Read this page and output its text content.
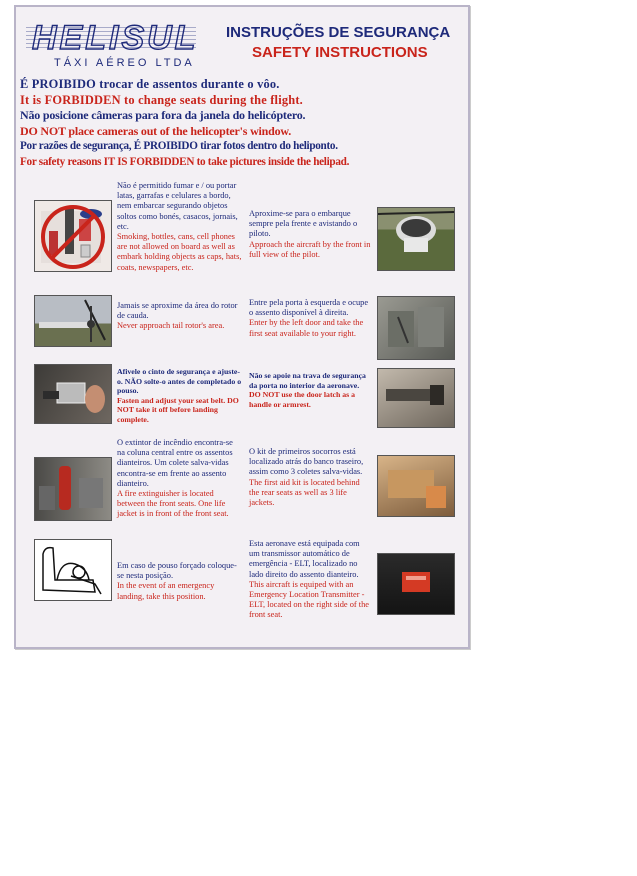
HELISUL
TÁXI AÉREO LTDA
INSTRUÇÕES DE SEGURANÇA
SAFETY INSTRUCTIONS
É PROIBIDO trocar de assentos durante o vôo.
It is FORBIDDEN to change seats during the flight.
Não posicione câmeras para fora da janela do helicóptero.
DO NOT place cameras out of the helicopter's window.
Por razões de segurança, É PROIBIDO tirar fotos dentro do heliponto.
For safety reasons IT IS FORBIDDEN to take pictures inside the helipad.
Não é permitido fumar e / ou portar latas, garrafas e celulares a bordo, nem embarcar segurando objetos soltos como bonés, casacos, jornais, etc.
Smoking, bottles, cans, cell phones are not allowed on board as well as embark holding objects as caps, hats, coats, newspapers, etc.
Aproxime-se para o embarque sempre pela frente e avistando o piloto.
Approach the aircraft by the front in full view of the pilot.
Jamais se aproxime da área do rotor de cauda.
Never approach tail rotor's area.
Entre pela porta à esquerda e ocupe o assento disponível à direita.
Enter by the left door and take the first seat available to your right.
Afivele o cinto de segurança e ajuste-o. NÃO solte-o antes de completado o pouso.
Fasten and adjust your seat belt. DO NOT take it off before landing complete.
Não se apoie na trava de segurança da porta no interior da aeronave.
DO NOT use the door latch as a handle or armrest.
O extintor de incêndio encontra-se na coluna central entre os assentos dianteiros. Um colete salva-vidas encontra-se em frente ao assento dianteiro.
A fire extinguisher is located between the front seats. One life jacket is in front of the front seat.
O kit de primeiros socorros está localizado atrás do banco traseiro, assim como 3 coletes salva-vidas.
The first aid kit is located behind the rear seats as well as 3 life jackets.
Em caso de pouso forçado coloque-se nesta posição.
In the event of an emergency landing, take this position.
Esta aeronave está equipada com um transmissor automático de emergência - ELT, localizado no lado direito do assento dianteiro.
This aircraft is equiped with an Emergency Location Transmitter - ELT, located on the right side of the front seat.
